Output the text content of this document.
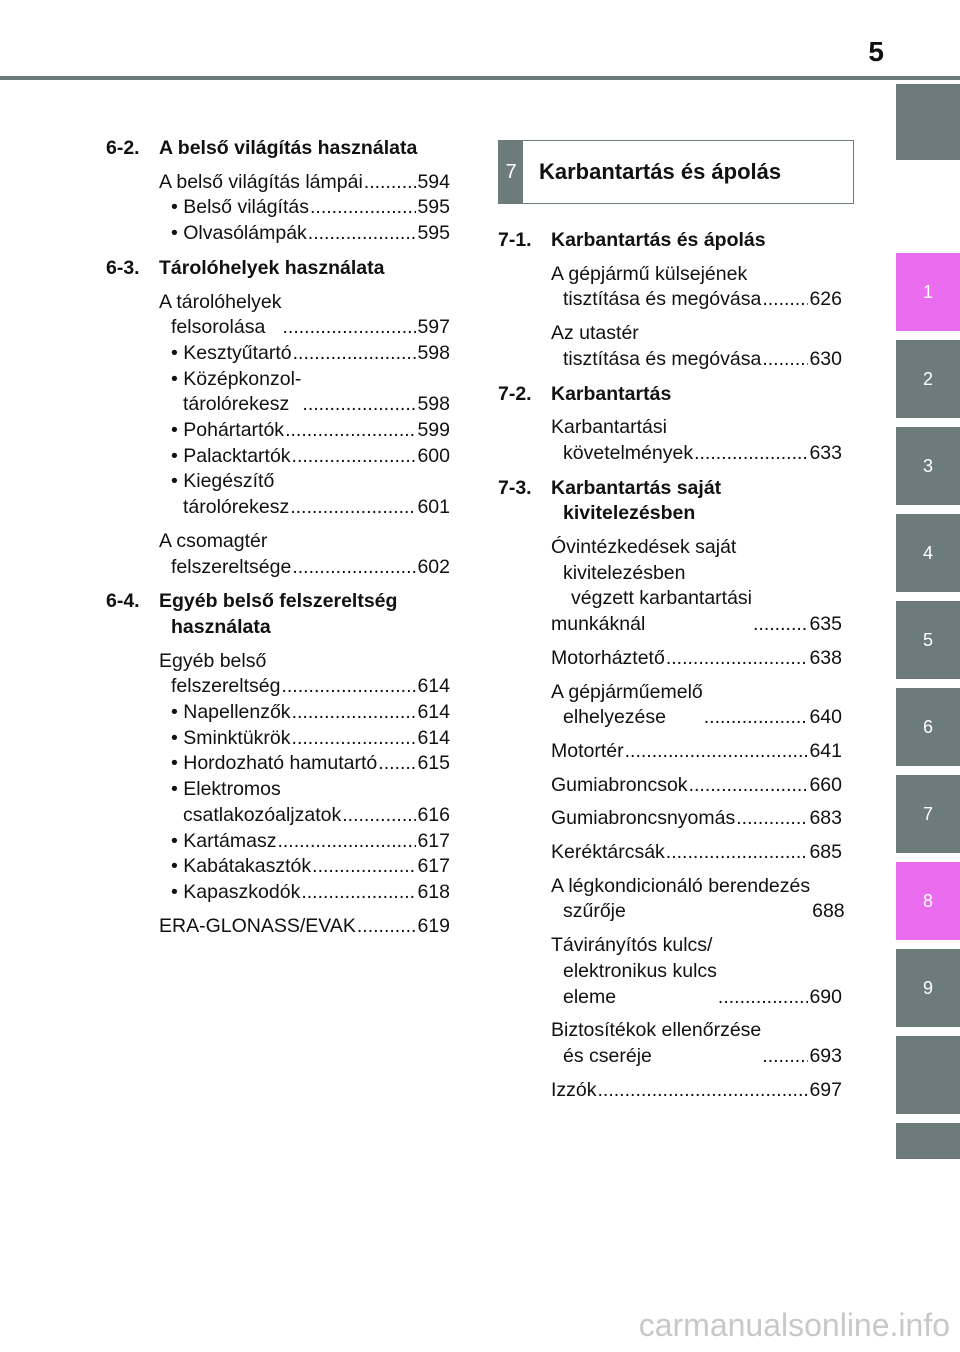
5
1
2
3
4
5
6
7
8
9
6-2. A belső világítás használata
A belső világítás lámpái .....	594
• Belső világítás .....	595
• Olvasólámpák .....	595
6-3. Tárolóhelyek használata
A tárolóhelyek
felsorolása .....	597
• Kesztyűtartó .....	598
• Középkonzol-
tárolórekesz .....	598
• Pohártartók .....	599
• Palacktartók .....	600
• Kiegészítő
tárolórekesz .....	601
A csomagtér
felszereltsége .....	602
6-4. Egyéb belső felszereltség
használata
Egyéb belső
felszereltség .....	614
• Napellenzők .....	614
• Sminktükrök .....	614
• Hordozható hamutartó ..... 615
• Elektromos
csatlakozóaljzatok .....	616
• Kartámasz .....	617
• Kabátakasztók .....	617
• Kapaszkodók .....	618
ERA-GLONASS/EVAK .....	619
7	Karbantartás és ápolás
7-1. Karbantartás és ápolás
A gépjármű külsejének
tisztítása és megóvása ..... 626
Az utastér
tisztítása és megóvása ..... 630
7-2. Karbantartás
Karbantartási
követelmények .....	633
7-3. Karbantartás saját
kivitelezésben
Óvintézkedések saját
kivitelezésben
végzett karbantartási
munkáknál .....	635
Motorháztető .....	638
A gépjárműemelő
elhelyezése .....	640
Motortér .....	641
Gumiabroncsok .....	660
Gumiabroncsnyomás .....	683
Keréktárcsák .....	685
A légkondicionáló berendezés
szűrője	688
Távirányítós kulcs/
elektronikus kulcs
eleme .....	690
Biztosítékok ellenőrzése
és cseréje .....	693
Izzók .....	697
carmanualsonline.info
